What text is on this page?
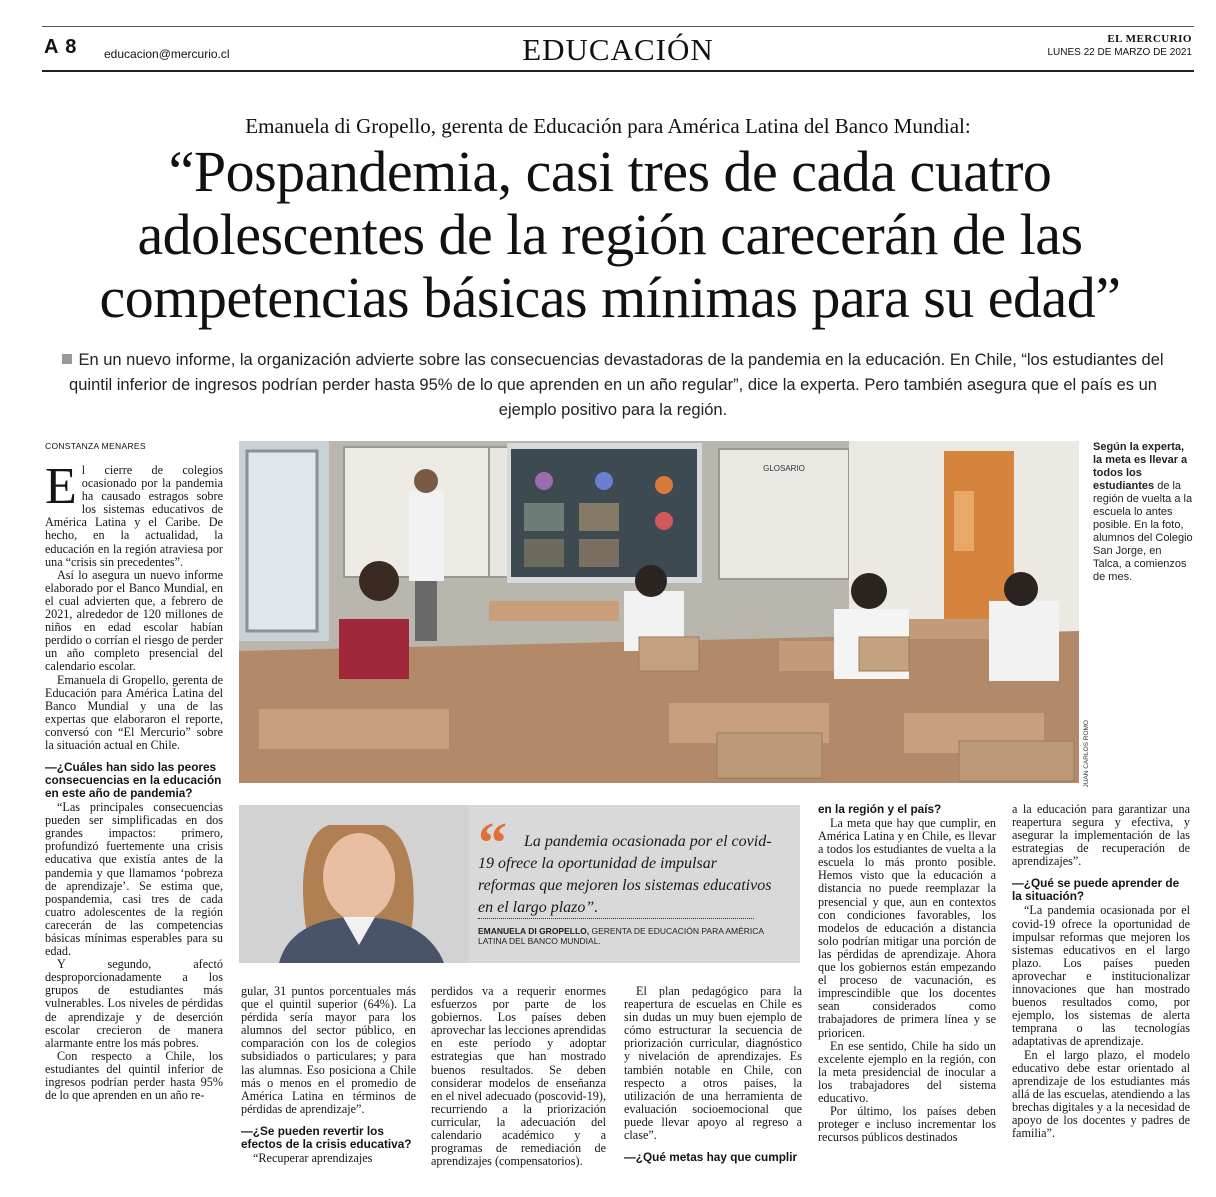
A 8 educacion@mercurio.cl	EDUCACIÓN	EL MERCURIO
LUNES 22 DE MARZO DE 2021
Emanuela di Gropello, gerenta de Educación para América Latina del Banco Mundial:
“Pospandemia, casi tres de cada cuatro adolescentes de la región carecerán de las competencias básicas mínimas para su edad”
En un nuevo informe, la organización advierte sobre las consecuencias devastadoras de la pandemia en la educación. En Chile, “los estudiantes del quintil inferior de ingresos podrían perder hasta 95% de lo que aprenden en un año regular”, dice la experta. Pero también asegura que el país es un ejemplo positivo para la región.
CONSTANZA MENARES

El cierre de colegios ocasionado por la pandemia ha causado estragos sobre los sistemas educativos de América Latina y el Caribe. De hecho, en la actualidad, la educación en la región atraviesa por una “crisis sin precedentes”.

Así lo asegura un nuevo informe elaborado por el Banco Mundial, en el cual advierten que, a febrero de 2021, alrededor de 120 millones de niños en edad escolar habían perdido o corrían el riesgo de perder un año completo presencial del calendario escolar.

Emanuela di Gropello, gerenta de Educación para América Latina del Banco Mundial y una de las expertas que elaboraron el reporte, conversó con “El Mercurio” sobre la situación actual en Chile.

—¿Cuáles han sido las peores consecuencias en la educación en este año de pandemia?

“Las principales consecuencias pueden ser simplificadas en dos grandes impactos: primero, profundizó fuertemente una crisis educativa que existía antes de la pandemia y que llamamos ‘pobreza de aprendizaje’. Se estima que, pospandemia, casi tres de cada cuatro adolescentes de la región carecerán de las competencias básicas mínimas esperables para su edad.

Y segundo, afectó desproporcionadamente a los grupos de estudiantes más vulnerables. Los niveles de pérdidas de aprendizaje y de deserción escolar crecieron de manera alarmante entre los más pobres.

Con respecto a Chile, los estudiantes del quintil inferior de ingresos podrían perder hasta 95% de lo que aprenden en un año re-

GLOSARIO
JUAN CARLOS ROMO
Según la experta, la meta es llevar a todos los estudiantes de la región de vuelta a la escuela lo antes posible. En la foto, alumnos del Colegio San Jorge, en Talca, a comienzos de mes.
“	La pandemia ocasionada por el covid-19 ofrece la oportunidad de impulsar reformas que mejoren los sistemas educativos en el largo plazo”.
EMANUELA DI GROPELLO, GERENTA DE EDUCACIÓN PARA AMÉRICA LATINA DEL BANCO MUNDIAL.

gular, 31 puntos porcentuales más que el quintil superior (64%). La pérdida sería mayor para los alumnos del sector público, en comparación con los de colegios subsidiados o particulares; y para las alumnas. Eso posiciona a Chile más o menos en el promedio de América Latina en términos de pérdidas de aprendizaje”.

—¿Se pueden revertir los efectos de la crisis educativa?

“Recuperar aprendizajes

perdidos va a requerir enormes esfuerzos por parte de los gobiernos. Los países deben aprovechar las lecciones aprendidas en este período y adoptar estrategias que han mostrado buenos resultados. Se deben considerar modelos de enseñanza en el nivel adecuado (poscovid-19), recurriendo a la priorización curricular, la adecuación del calendario académico y a programas de remediación de aprendizajes (compensatorios).

El plan pedagógico para la reapertura de escuelas en Chile es sin dudas un muy buen ejemplo de cómo estructurar la secuencia de priorización curricular, diagnóstico y nivelación de aprendizajes. Es también notable en Chile, con respecto a otros países, la utilización de una herramienta de evaluación socioemocional que puede llevar apoyo al regreso a clase”.

—¿Qué metas hay que cumplir

en la región y el país?

La meta que hay que cumplir, en América Latina y en Chile, es llevar a todos los estudiantes de vuelta a la escuela lo más pronto posible. Hemos visto que la educación a distancia no puede reemplazar la presencial y que, aun en contextos con condiciones favorables, los modelos de educación a distancia solo podrían mitigar una porción de las pérdidas de aprendizaje. Ahora que los gobiernos están empezando el proceso de vacunación, es imprescindible que los docentes sean considerados como trabajadores de primera línea y se prioricen.

En ese sentido, Chile ha sido un excelente ejemplo en la región, con la meta presidencial de inocular a los trabajadores del sistema educativo.

Por último, los países deben proteger e incluso incrementar los recursos públicos destinados

a la educación para garantizar una reapertura segura y efectiva, y asegurar la implementación de las estrategias de recuperación de aprendizajes”.

—¿Qué se puede aprender de la situación?

“La pandemia ocasionada por el covid-19 ofrece la oportunidad de impulsar reformas que mejoren los sistemas educativos en el largo plazo. Los países pueden aprovechar e institucionalizar innovaciones que han mostrado buenos resultados como, por ejemplo, los sistemas de alerta temprana o las tecnologías adaptativas de aprendizaje.

En el largo plazo, el modelo educativo debe estar orientado al aprendizaje de los estudiantes más allá de las escuelas, atendiendo a las brechas digitales y a la necesidad de apoyo de los docentes y padres de familia”.
